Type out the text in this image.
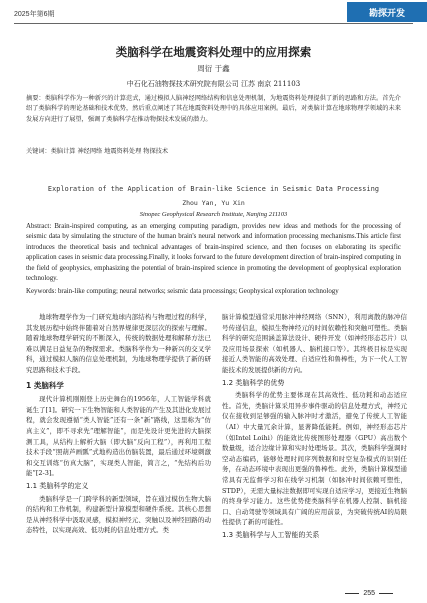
2025年第6期	勘探开发
类脑科学在地震资料处理中的应用探索
周衍 于鑫
中石化石油物探技术研究院有限公司 江苏 南京 211103
摘要：类脑科学作为一种新兴的计算范式，通过模拟人脑神经网络结构和信息处理机制，为地震资料处理提供了新的思路和方法。首先介绍了类脑科学的理论基础和技术优势，然后重点阐述了其在地震资料处理中的具体应用案例。最后，对类脑计算在地球物理学领域的未来发展方向进行了展望，强调了类脑科学在推动物探技术发展的潜力。
关键词：类脑计算 神经网络 地震资料处理 物探技术
Exploration of the Application of Brain-like Science in Seismic Data Processing
Zhou Yan, Yu Xin
Sinopec Geophysical Research Institute, Nanjing 211103
Abstract: Brain-inspired computing, as an emerging computing paradigm, provides new ideas and methods for the processing of seismic data by simulating the structure of the human brain's neural network and information processing mechanisms.This article first introduces the theoretical basis and technical advantages of brain-inspired science, and then focuses on elaborating its specific application cases in seismic data processing.Finally, it looks forward to the future development direction of brain-inspired computing in the field of geophysics, emphasizing the potential of brain-inspired science in promoting the development of geophysical exploration technology.
Keywords: brain-like computing; neural networks; seismic data processings; Geophysical exploration technology

地球物理学作为一门研究地球内部结构与物理过程的科学，其发展历程中始终伴随着对自然界规律更深层次的探索与理解。随着地球物理学研究的不断深入，传统的数据处理和解释方法已难以满足日益复杂的物探需求。类脑科学作为一种新兴的交叉学科，通过模拟人脑的信息处理机制，为地球物理学提供了新的研究思路和技术手段。

1 类脑科学

现代计算机刚刚登上历史舞台的1956年，人工智能学科就诞生了[1]。研究一下生物智能和人类智能的产生及其进化发展过程，就会发现遵循“类人智能”还有一条“新”路线，这里称为“仿真主义”，即不寻求先“理解智能”，而是先设计更先进的大脑探测工具，从结构上解析大脑（即大脑“反向工程”），再利用工程技术手段“照葫芦画瓢”式地构造出仿脑装置，最后通过环境刺激和交互训练“仿真大脑”，实现类人智能，简言之，“先结构后功能”[2-3]。

1.1 类脑科学的定义

类脑科学是一门跨学科的新型领域，旨在通过模仿生物大脑的结构和工作机制，构建新型计算模型和硬件系统。其核心思想是从神经科学中汲取灵感，模拟神经元、突触以及神经回路的动态特性，以实现高效、低功耗的信息处理方式。类

脑计算模型通常采用脉冲神经网络（SNN），利用离散的脉冲信号传递信息，模拟生物神经元的时间依赖性和突触可塑性。类脑科学的研究范围涵盖算法设计、硬件开发（如神经形态芯片）以及应用场景探索（如机器人、脑机接口等）。其终极目标是实现接近人类智能的高效处理、自适应性和鲁棒性，为下一代人工智能技术的发展提供新的方向。

1.2 类脑科学的优势

类脑科学的优势主要体现在其高效性、低功耗和动态适应性。首先，类脑计算采用异步事件驱动的信息处理方式，神经元仅在接收到足够强的输入脉冲时才激活，避免了传统人工智能（AI）中大量冗余计算，显著降低能耗。例如，神经形态芯片（如Intel Loihi）的能效比传统图形处理器（GPU）高出数个数量级，适合边缘计算和实时处理场景。其次，类脑科学强调时空动态编码，能够处理时间序列数据和时空复杂模式的识别任务，在动态环境中表现出更强的鲁棒性。此外，类脑计算模型通常具有无监督学习和在线学习机制（如脉冲时间依赖可塑性，STDP），无需大量标注数据即可实现自适应学习，更接近生物脑的终身学习能力。这些优势使类脑科学在机器人控制、脑机接口、自动驾驶等领域具有广阔的应用前景，为突破传统AI的局限性提供了新的可能性。

1.3 类脑科学与人工智能的关系
255
